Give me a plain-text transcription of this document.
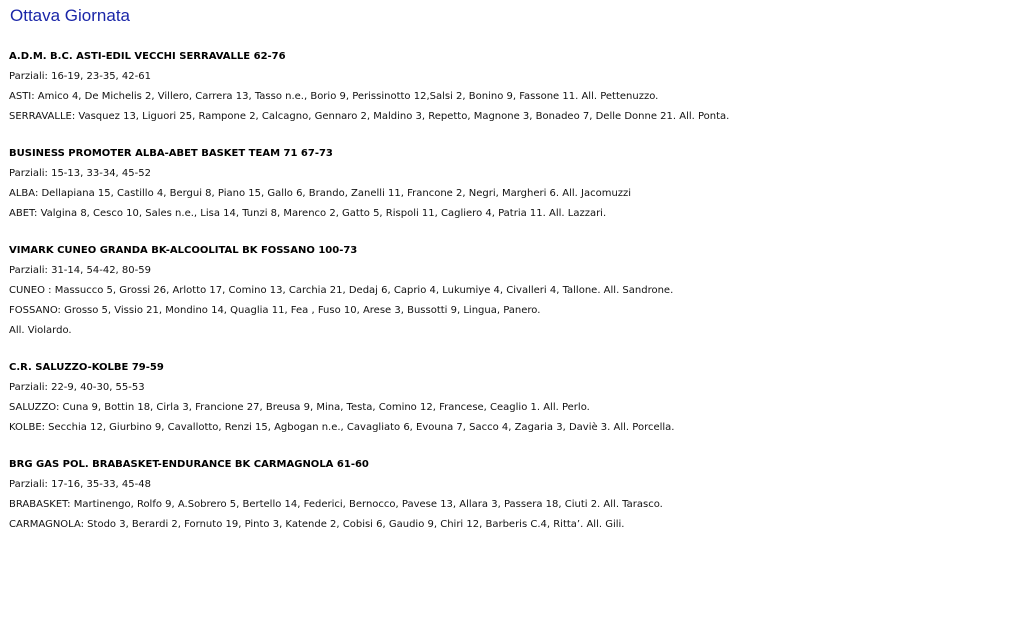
Ottava Giornata
A.D.M. B.C. ASTI-EDIL VECCHI SERRAVALLE 62-76
Parziali: 16-19, 23-35, 42-61
ASTI: Amico 4, De Michelis 2, Villero, Carrera 13, Tasso n.e., Borio 9, Perissinotto 12,Salsi 2, Bonino 9, Fassone 11. All. Pettenuzzo.
SERRAVALLE: Vasquez 13, Liguori 25, Rampone 2, Calcagno, Gennaro 2, Maldino 3, Repetto, Magnone 3, Bonadeo 7, Delle Donne 21. All. Ponta.
BUSINESS PROMOTER ALBA-ABET BASKET TEAM 71 67-73
Parziali: 15-13, 33-34, 45-52
ALBA: Dellapiana 15, Castillo 4, Bergui 8, Piano 15, Gallo 6, Brando, Zanelli 11, Francone 2, Negri, Margheri 6. All. Jacomuzzi
ABET: Valgina 8, Cesco 10, Sales n.e., Lisa 14, Tunzi 8, Marenco 2, Gatto 5, Rispoli 11, Cagliero 4, Patria 11. All. Lazzari.
VIMARK CUNEO GRANDA BK-ALCOOLITAL BK FOSSANO 100-73
Parziali: 31-14, 54-42, 80-59
CUNEO : Massucco 5, Grossi 26, Arlotto 17, Comino 13, Carchia 21, Dedaj 6, Caprio 4, Lukumiye 4, Civalleri 4, Tallone. All. Sandrone.
FOSSANO: Grosso 5, Vissio 21, Mondino 14, Quaglia 11, Fea , Fuso 10, Arese 3, Bussotti 9, Lingua, Panero.
All. Violardo.
C.R. SALUZZO-KOLBE 79-59
Parziali: 22-9, 40-30, 55-53
SALUZZO: Cuna 9, Bottin 18, Cirla 3, Francione 27, Breusa 9, Mina, Testa, Comino 12, Francese, Ceaglio 1. All. Perlo.
KOLBE: Secchia 12, Giurbino 9, Cavallotto, Renzi 15, Agbogan n.e., Cavagliato 6, Evouna 7, Sacco 4, Zagaria 3, Daviè 3. All. Porcella.
BRG GAS POL. BRABASKET-ENDURANCE BK CARMAGNOLA 61-60
Parziali: 17-16, 35-33, 45-48
BRABASKET: Martinengo, Rolfo 9, A.Sobrero 5, Bertello 14, Federici, Bernocco, Pavese 13, Allara 3, Passera 18, Ciuti 2. All. Tarasco.
CARMAGNOLA: Stodo 3, Berardi 2, Fornuto 19, Pinto 3, Katende 2, Cobisi 6, Gaudio 9, Chiri 12, Barberis C.4, Ritta’. All. Gili.
